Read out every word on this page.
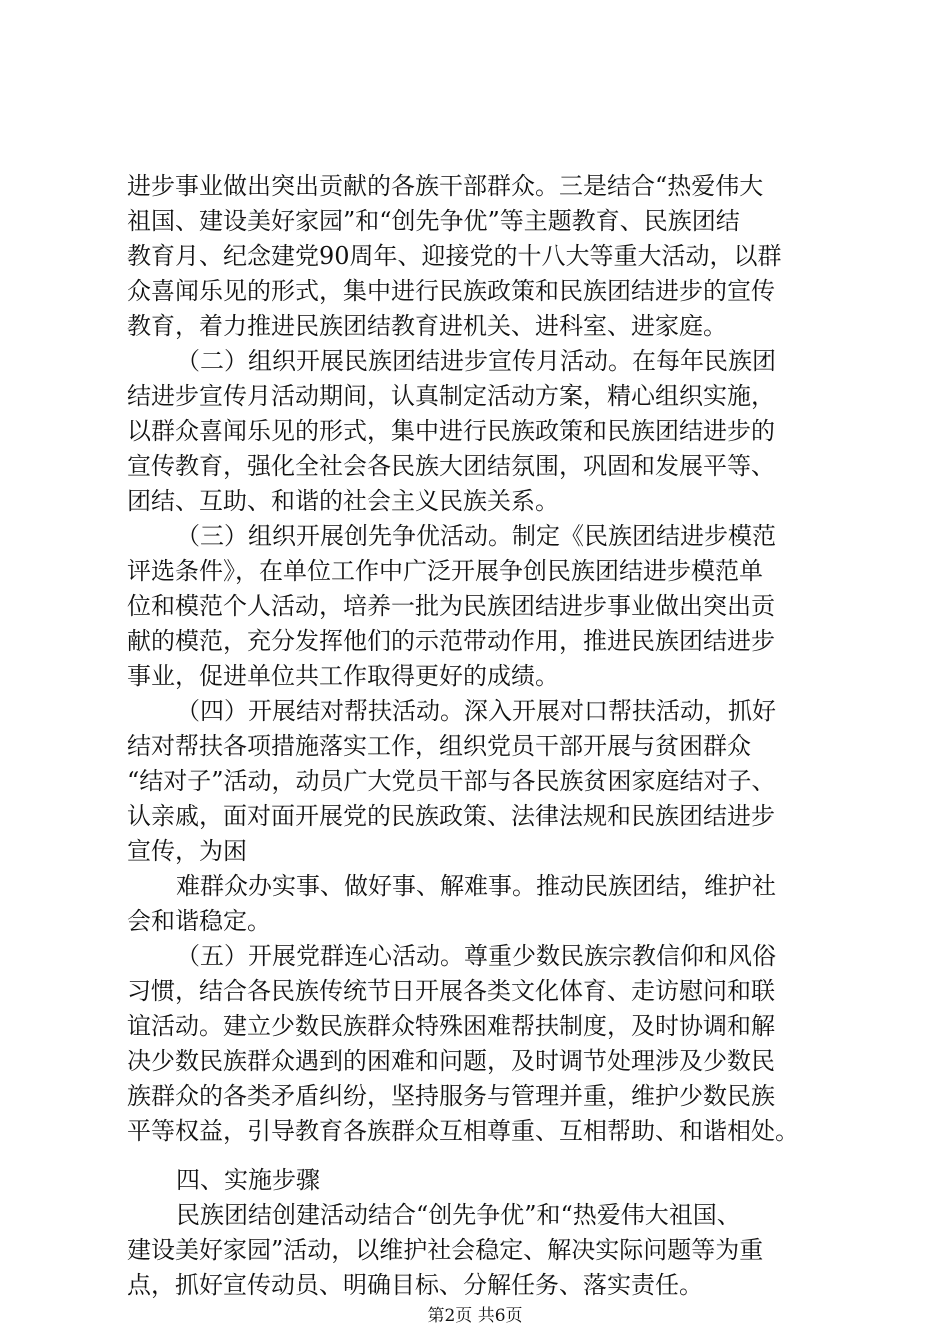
进步事业做出突出贡献的各族干部群众。三是结合“热爱伟大
祖国、建设美好家园”和“创先争优”等主题教育、民族团结
教育月、纪念建党90周年、迎接党的十八大等重大活动，以群
众喜闻乐见的形式，集中进行民族政策和民族团结进步的宣传
教育，着力推进民族团结教育进机关、进科室、进家庭。
（二）组织开展民族团结进步宣传月活动。在每年民族团
结进步宣传月活动期间，认真制定活动方案，精心组织实施，
以群众喜闻乐见的形式，集中进行民族政策和民族团结进步的
宣传教育，强化全社会各民族大团结氛围，巩固和发展平等、
团结、互助、和谐的社会主义民族关系。
（三）组织开展创先争优活动。制定《民族团结进步模范
评选条件》，在单位工作中广泛开展争创民族团结进步模范单
位和模范个人活动，培养一批为民族团结进步事业做出突出贡
献的模范，充分发挥他们的示范带动作用，推进民族团结进步
事业，促进单位共工作取得更好的成绩。
（四）开展结对帮扶活动。深入开展对口帮扶活动，抓好
结对帮扶各项措施落实工作，组织党员干部开展与贫困群众
“结对子”活动，动员广大党员干部与各民族贫困家庭结对子、
认亲戚，面对面开展党的民族政策、法律法规和民族团结进步
宣传，为困
难群众办实事、做好事、解难事。推动民族团结，维护社
会和谐稳定。
（五）开展党群连心活动。尊重少数民族宗教信仰和风俗
习惯，结合各民族传统节日开展各类文化体育、走访慰问和联
谊活动。建立少数民族群众特殊困难帮扶制度，及时协调和解
决少数民族群众遇到的困难和问题，及时调节处理涉及少数民
族群众的各类矛盾纠纷，坚持服务与管理并重，维护少数民族
平等权益，引导教育各族群众互相尊重、互相帮助、和谐相处。
四、实施步骤
民族团结创建活动结合“创先争优”和“热爱伟大祖国、
建设美好家园”活动，以维护社会稳定、解决实际问题等为重
点，抓好宣传动员、明确目标、分解任务、落实责任。
第2页 共6页
